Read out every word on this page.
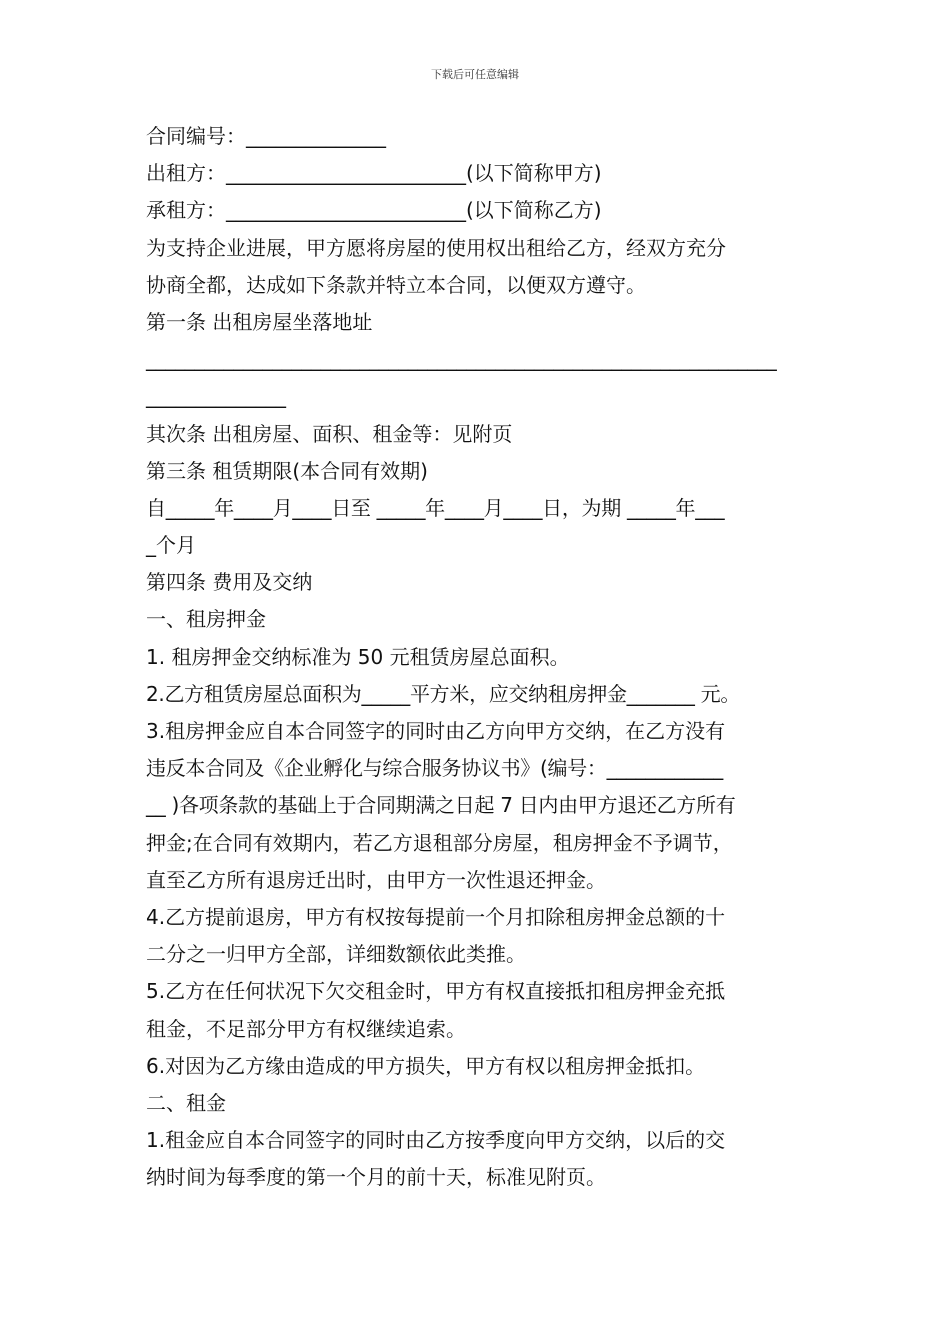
下载后可任意编辑
合同编号：______________
出租方：________________________(以下简称甲方)
承租方：________________________(以下简称乙方)
为支持企业进展，甲方愿将房屋的使用权出租给乙方，经双方充分
协商全都，达成如下条款并特立本合同，以便双方遵守。
第一条 出租房屋坐落地址
_________________________________________________________________
______________
其次条 出租房屋、面积、租金等：见附页
第三条 租赁期限(本合同有效期)
自_____年____月____日至 _____年____月____日，为期 _____年___
_个月
第四条 费用及交纳
一、租房押金
1. 租房押金交纳标准为 50 元租赁房屋总面积。
2.乙方租赁房屋总面积为_____平方米，应交纳租房押金_______ 元。
3.租房押金应自本合同签字的同时由乙方向甲方交纳，在乙方没有
违反本合同及《企业孵化与综合服务协议书》(编号：____________
__ )各项条款的基础上于合同期满之日起 7 日内由甲方退还乙方所有
押金;在合同有效期内，若乙方退租部分房屋，租房押金不予调节，
直至乙方所有退房迁出时，由甲方一次性退还押金。
4.乙方提前退房，甲方有权按每提前一个月扣除租房押金总额的十
二分之一归甲方全部，详细数额依此类推。
5.乙方在任何状况下欠交租金时，甲方有权直接抵扣租房押金充抵
租金，不足部分甲方有权继续追索。
6.对因为乙方缘由造成的甲方损失，甲方有权以租房押金抵扣。
二、租金
1.租金应自本合同签字的同时由乙方按季度向甲方交纳，以后的交
纳时间为每季度的第一个月的前十天，标准见附页。
